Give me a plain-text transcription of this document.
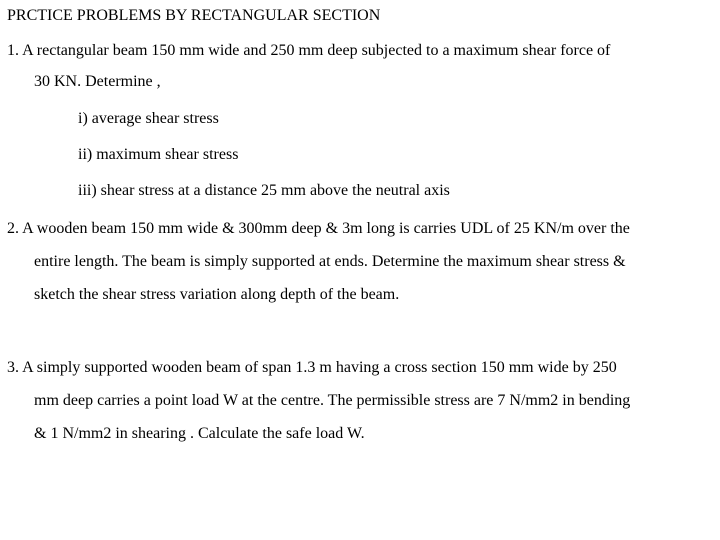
PRCTICE PROBLEMS BY RECTANGULAR SECTION

1. A rectangular beam 150 mm wide and 250 mm deep subjected to a maximum shear force of

30 KN. Determine ,

i) average shear stress

ii) maximum shear stress

iii) shear stress at a distance 25 mm above the neutral axis

2. A wooden beam 150 mm wide & 300mm deep & 3m long is carries UDL of 25 KN/m over the

entire length. The beam is simply supported at ends. Determine the maximum shear stress &

sketch the shear stress variation along depth of the beam.

3. A simply supported wooden beam of span 1.3 m having a cross section 150 mm wide by 250

mm deep carries a point load W at the centre. The permissible stress are 7 N/mm2 in bending

& 1 N/mm2 in shearing . Calculate the safe load W.
